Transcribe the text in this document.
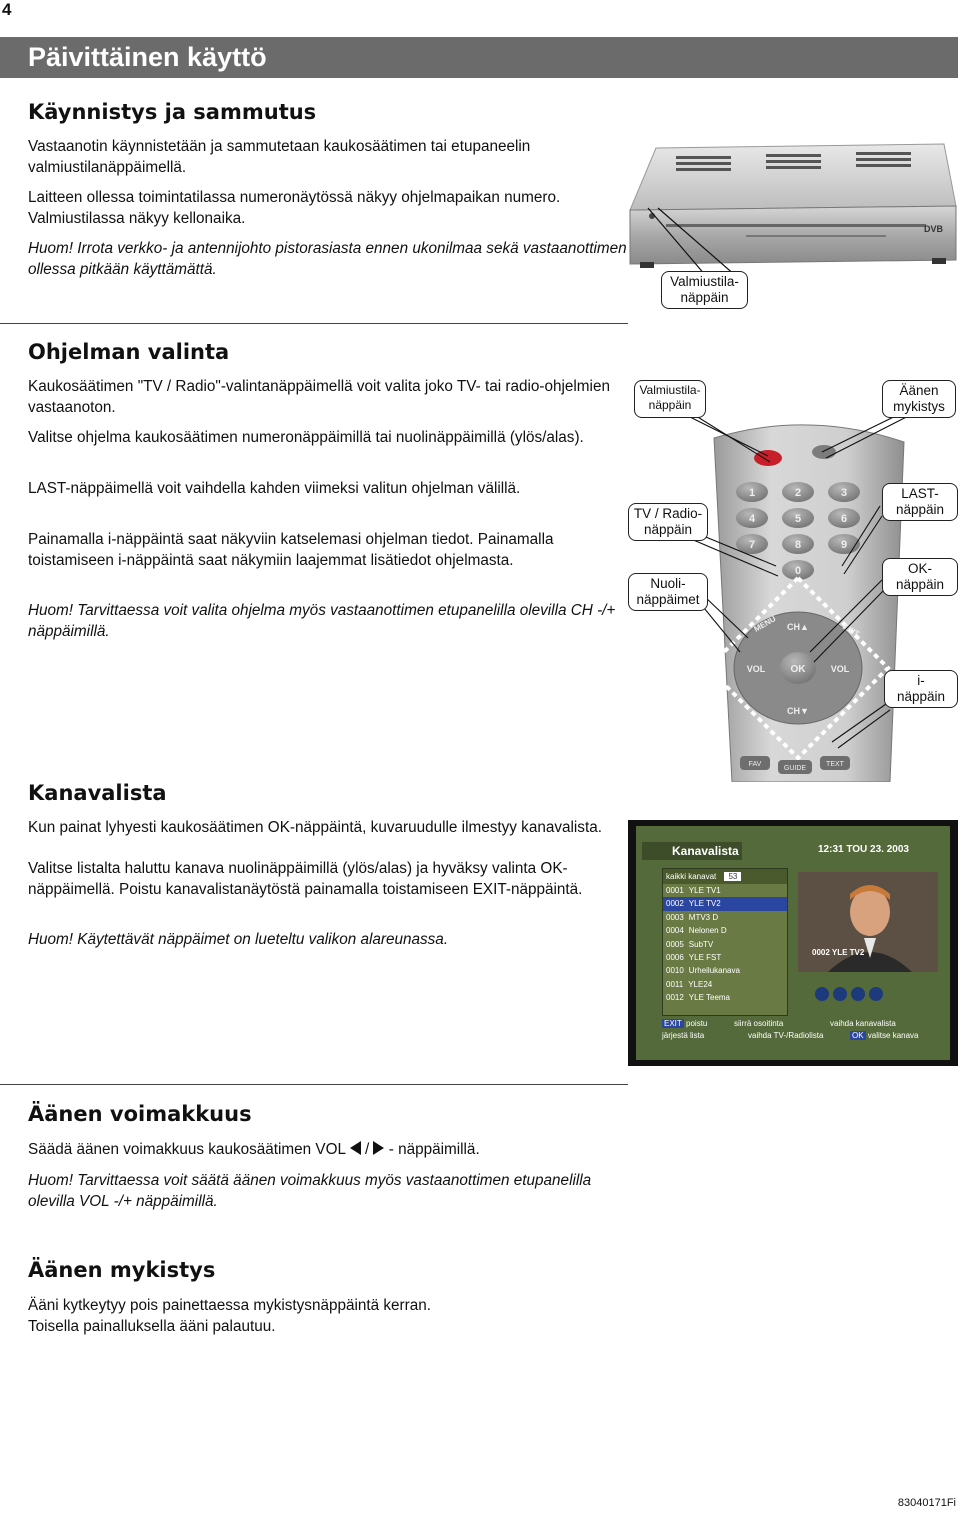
4
Päivittäinen käyttö
Käynnistys ja sammutus

Vastaanotin käynnistetään ja sammutetaan kaukosäätimen tai etupaneelin valmiustilanäppäimellä.

Laitteen ollessa toimintatilassa numeronäytössä näkyy ohjelmapaikan numero. Valmiustilassa näkyy kellonaika.

Huom! Irrota verkko- ja antennijohto pistorasiasta ennen ukonilmaa sekä vastaanottimen ollessa pitkään käyttämättä.

DVB
Valmiustila-
näppäin
Ohjelman valinta

Kaukosäätimen "TV / Radio"-valintanäppäimellä voit valita joko TV- tai radio-ohjelmien vastaanoton.

Valitse ohjelma kaukosäätimen numeronäppäimillä tai nuolinäppäimillä (ylös/alas).

LAST-näppäimellä voit vaihdella kahden viimeksi valitun ohjelman välillä.

Painamalla i-näppäintä saat näkyviin katselemasi ohjelman tiedot. Painamalla toistamiseen i-näppäintä saat näkymiin laajemmat lisätiedot ohjelmasta.

Huom! Tarvittaessa voit valita ohjelma myös vastaanottimen etupanelilla olevilla CH -/+ näppäimillä.

1	2	3
4	5	6
7	8	9
0
OK
CH▲
CH▼
VOL	VOL
MENU	EXIT
FAV
GUIDE
TEXT
Valmiustila-
näppäin
Äänen
mykistys
TV / Radio-
näppäin
LAST-
näppäin
Nuoli-
näppäimet
OK-
näppäin
i-
näppäin
Kanavalista

Kun painat lyhyesti kaukosäätimen OK-näppäintä, kuvaruudulle ilmestyy kanavalista.

Valitse listalta haluttu kanava nuolinäppäimillä (ylös/alas) ja hyväksy valinta OK-näppäimellä. Poistu kanavalistanäytöstä painamalla toistamiseen EXIT-näppäintä.

Huom! Käytettävät näppäimet on lueteltu valikon alareunassa.

Kanavalista	12:31 TOU 23. 2003
kaikki kanavat 53
0001 YLE TV1
0002 YLE TV2
0003 MTV3 D
0004 Nelonen D
0005 SubTV
0006 YLE FST
0010 Urheilukanava
0011 YLE24
0012 YLE Teema
0002 YLE TV2
EXIT poistu	siirrä osoitinta	vaihda kanavalista
järjestä lista	vaihda TV-/Radiolista	OK valitse kanava
Äänen voimakkuus

Säädä äänen voimakkuus kaukosäätimen VOL / - näppäimillä.

Huom! Tarvittaessa voit säätä äänen voimakkuus myös vastaanottimen etupanelilla olevilla VOL -/+ näppäimillä.

Äänen mykistys

Ääni kytkeytyy pois painettaessa mykistysnäppäintä kerran.

Toisella painalluksella ääni palautuu.

83040171Fi
